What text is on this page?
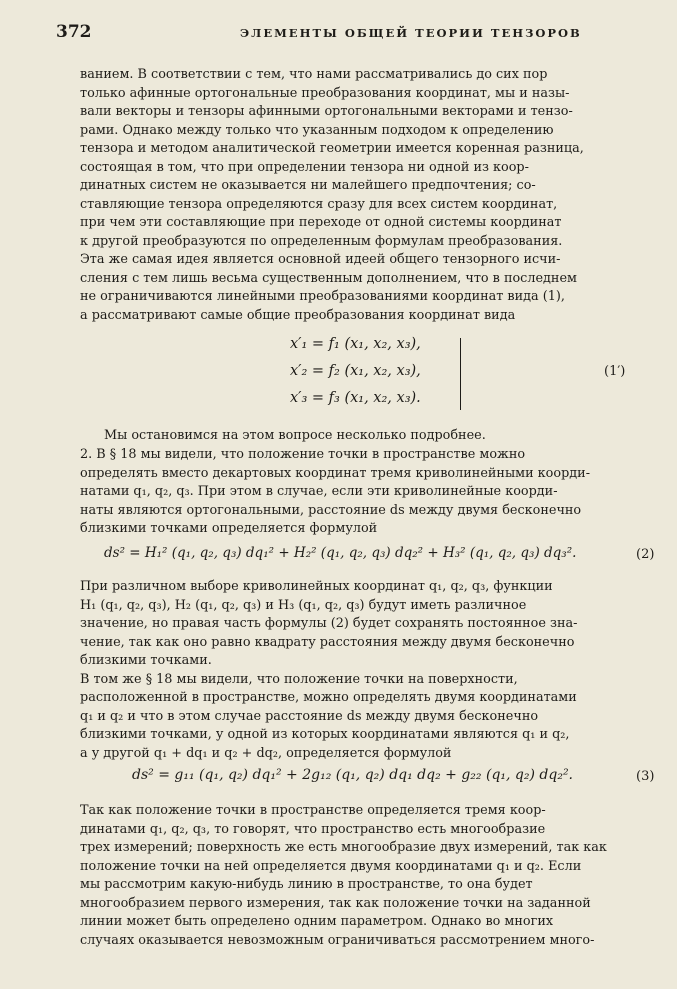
372	ЭЛЕМЕНТЫ ОБЩЕЙ ТЕОРИИ ТЕНЗОРОВ
ванием. В соответствии с тем, что нами рассматривались до сих пор
только афинные ортогональные преобразования координат, мы и назы-
вали векторы и тензоры афинными ортогональными векторами и тензо-
рами. Однако между только что указанным подходом к определению
тензора и методом аналитической геометрии имеется коренная разница,
состоящая в том, что при определении тензора ни одной из коор-
динатных систем не оказывается ни малейшего предпочтения; со-
ставляющие тензора определяются сразу для всех систем координат,
при чем эти составляющие при переходе от одной системы координат
к другой преобразуются по определенным формулам преобразования.
Эта же самая идея является основной идеей общего тензорного исчи-
сления с тем лишь весьма существенным дополнением, что в последнем
не ограничиваются линейными преобразованиями координат вида (1),
а рассматривают самые общие преобразования координат вида
x′₁ = f₁ (x₁, x₂, x₃),
x′₂ = f₂ (x₁, x₂, x₃),
x′₃ = f₃ (x₁, x₂, x₃).
(1′)
Мы остановимся на этом вопросе несколько подробнее.
2. В § 18 мы видели, что положение точки в пространстве можно
определять вместо декартовых координат тремя криволинейными коорди-
натами q₁, q₂, q₃. При этом в случае, если эти криволинейные коорди-
наты являются ортогональными, расстояние ds между двумя бесконечно
близкими точками определяется формулой
ds² = H₁² (q₁, q₂, q₃) dq₁² + H₂² (q₁, q₂, q₃) dq₂² + H₃² (q₁, q₂, q₃) dq₃².	(2)
При различном выборе криволинейных координат q₁, q₂, q₃, функции
H₁ (q₁, q₂, q₃), H₂ (q₁, q₂, q₃) и H₃ (q₁, q₂, q₃) будут иметь различное
значение, но правая часть формулы (2) будет сохранять постоянное зна-
чение, так как оно равно квадрату расстояния между двумя бесконечно
близкими точками.
В том же § 18 мы видели, что положение точки на поверхности,
расположенной в пространстве, можно определять двумя координатами
q₁ и q₂ и что в этом случае расстояние ds между двумя бесконечно
близкими точками, у одной из которых координатами являются q₁ и q₂,
а у другой q₁ + dq₁ и q₂ + dq₂, определяется формулой
ds² = g₁₁ (q₁, q₂) dq₁² + 2g₁₂ (q₁, q₂) dq₁ dq₂ + g₂₂ (q₁, q₂) dq₂².	(3)
Так как положение точки в пространстве определяется тремя коор-
динатами q₁, q₂, q₃, то говорят, что пространство есть многообразие
трех измерений; поверхность же есть многообразие двух измерений, так как
положение точки на ней определяется двумя координатами q₁ и q₂. Если
мы рассмотрим какую-нибудь линию в пространстве, то она будет
многообразием первого измерения, так как положение точки на заданной
линии может быть определено одним параметром. Однако во многих
случаях оказывается невозможным ограничиваться рассмотрением много-
